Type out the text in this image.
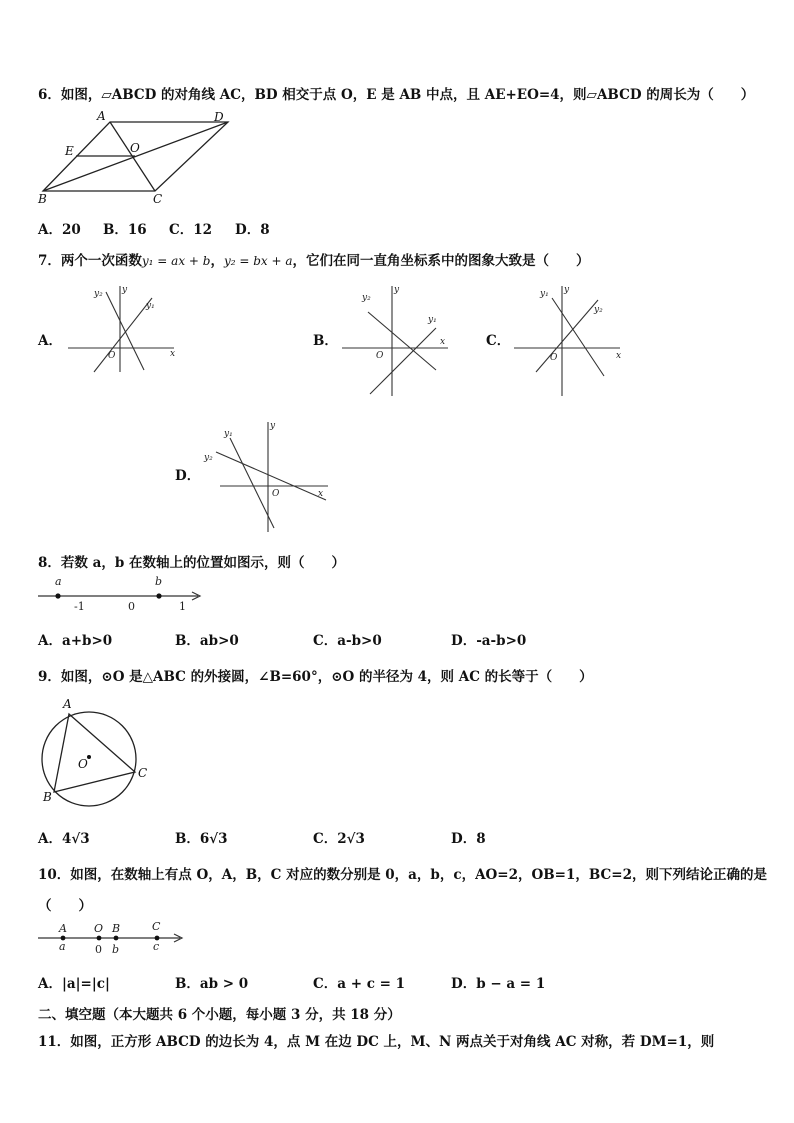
6．如图，▱ABCD 的对角线 AC，BD 相交于点 O，E 是 AB 中点，且 AE+EO=4，则▱ABCD 的周长为（　　）
A	D
E	O
B	C
A．20 B．16 C．12 D．8
7．两个一次函数y₁ = ax + b，y₂ = bx + a，它们在同一直角坐标系中的图象大致是（　　）
A．
y₂ y
y₁
O	x
B．
y₂
y
y₁
O
x	C．
y₁ y
y₂
O	x
D．
y₁
y
y₂
O	x
8．若数 a，b 在数轴上的位置如图示，则（　　）
a	b
-1	0	1
A．a+b>0	B．ab>0	C．a-b>0	D．-a-b>0
9．如图，⊙O 是△ABC 的外接圆，∠B=60°，⊙O 的半径为 4，则 AC 的长等于（　　）
A
O
C
B
A．4√3	B．6√3	C．2√3	D．8
10．如图，在数轴上有点 O，A，B，C 对应的数分别是 0，a，b，c，AO=2，OB=1，BC=2，则下列结论正确的是
（　　）
A O B	C
a	0 b	c
A．|a|=|c|	B．ab > 0	C．a + c = 1	D．b − a = 1
二、填空题（本大题共 6 个小题，每小题 3 分，共 18 分）
11．如图，正方形 ABCD 的边长为 4，点 M 在边 DC 上，M、N 两点关于对角线 AC 对称，若 DM=1，则
